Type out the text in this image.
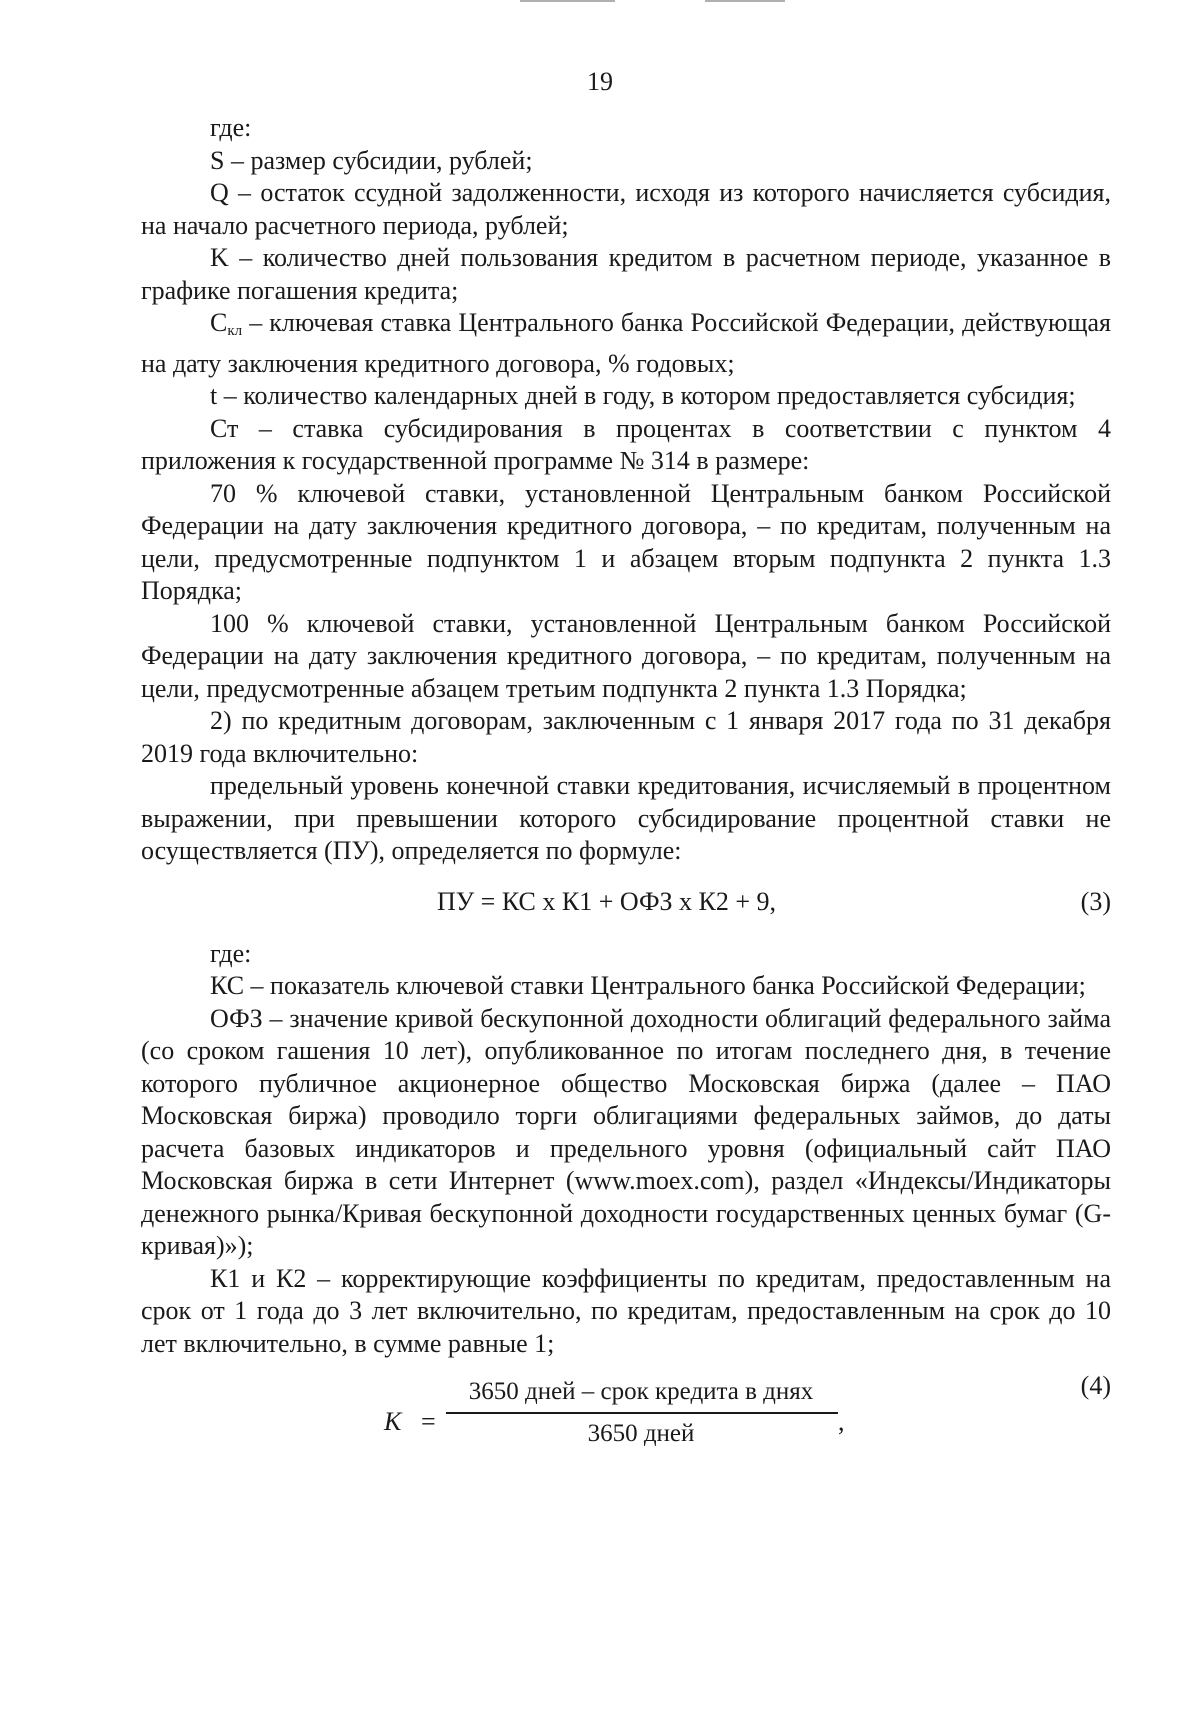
19

где:

S – размер субсидии, рублей;

Q – остаток ссудной задолженности, исходя из которого начисляется субсидия, на начало расчетного периода, рублей;

K – количество дней пользования кредитом в расчетном периоде, указанное в графике погашения кредита;

$С_{кл}$ – ключевая ставка Центрального банка Российской Федерации, действующая на дату заключения кредитного договора, % годовых;

t – количество календарных дней в году, в котором предоставляется субсидия;

Ст – ставка субсидирования в процентах в соответствии с пунктом 4 приложения к государственной программе № 314 в размере:

70 % ключевой ставки, установленной Центральным банком Российской Федерации на дату заключения кредитного договора, – по кредитам, полученным на цели, предусмотренные подпунктом 1 и абзацем вторым подпункта 2 пункта 1.3 Порядка;

100 % ключевой ставки, установленной Центральным банком Российской Федерации на дату заключения кредитного договора, – по кредитам, полученным на цели, предусмотренные абзацем третьим подпункта 2 пункта 1.3 Порядка;

2) по кредитным договорам, заключенным с 1 января 2017 года по 31 декабря 2019 года включительно:

предельный уровень конечной ставки кредитования, исчисляемый в процентном выражении, при превышении которого субсидирование процентной ставки не осуществляется (ПУ), определяется по формуле:

ПУ = КС х К1 + ОФЗ х К2 + 9,	(3)

где:

КС – показатель ключевой ставки Центрального банка Российской Федерации;

ОФЗ – значение кривой бескупонной доходности облигаций федерального займа (со сроком гашения 10 лет), опубликованное по итогам последнего дня, в течение которого публичное акционерное общество Московская биржа (далее – ПАО Московская биржа) проводило торги облигациями федеральных займов, до даты расчета базовых индикаторов и предельного уровня (официальный сайт ПАО Московская биржа в сети Интернет (www.moex.com), раздел «Индексы/Индикаторы денежного рынка/Кривая бескупонной доходности государственных ценных бумаг (G-кривая)»);

К1 и К2 – корректирующие коэффициенты по кредитам, предоставленным на срок от 1 года до 3 лет включительно, по кредитам, предоставленным на срок до 10 лет включительно, в сумме равные 1;

K =
3650 дней – срок кредита в днях
3650 дней	,
(4)
